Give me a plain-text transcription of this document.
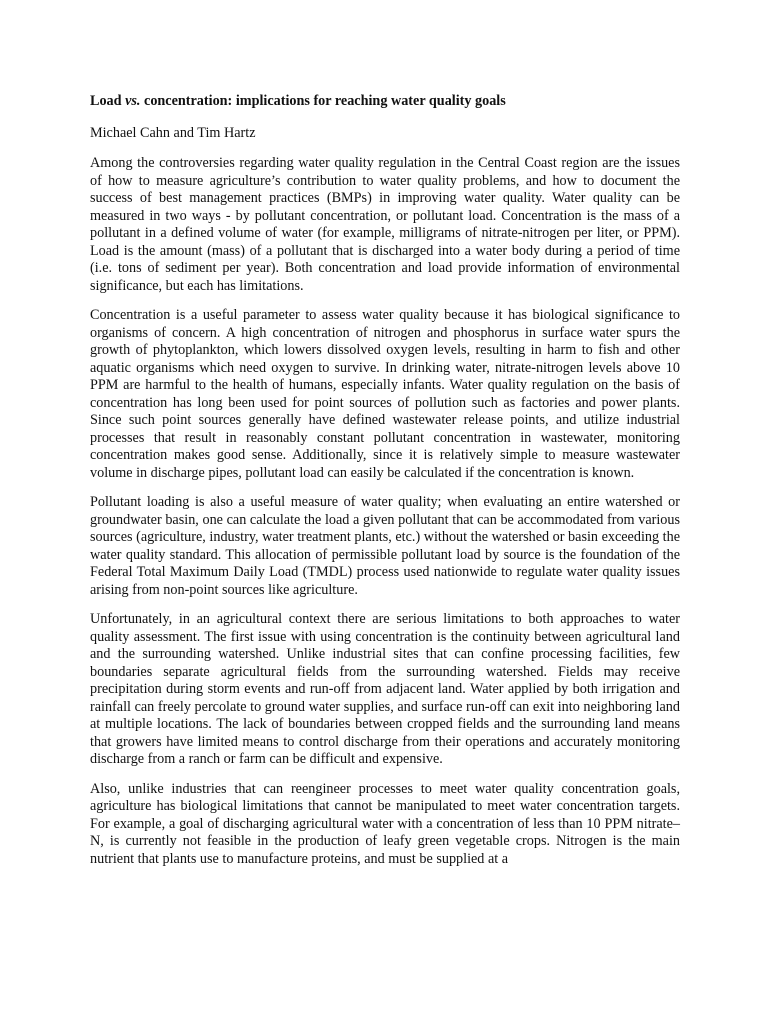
Load vs. concentration: implications for reaching water quality goals
Michael Cahn and Tim Hartz

Among the controversies regarding water quality regulation in the Central Coast region are the issues of how to measure agriculture’s contribution to water quality problems, and how to document the success of best management practices (BMPs) in improving water quality. Water quality can be measured in two ways - by pollutant concentration, or pollutant load. Concentration is the mass of a pollutant in a defined volume of water (for example, milligrams of nitrate-nitrogen per liter, or PPM). Load is the amount (mass) of a pollutant that is discharged into a water body during a period of time (i.e. tons of sediment per year). Both concentration and load provide information of environmental significance, but each has limitations.

Concentration is a useful parameter to assess water quality because it has biological significance to organisms of concern. A high concentration of nitrogen and phosphorus in surface water spurs the growth of phytoplankton, which lowers dissolved oxygen levels, resulting in harm to fish and other aquatic organisms which need oxygen to survive. In drinking water, nitrate-nitrogen levels above 10 PPM are harmful to the health of humans, especially infants. Water quality regulation on the basis of concentration has long been used for point sources of pollution such as factories and power plants. Since such point sources generally have defined wastewater release points, and utilize industrial processes that result in reasonably constant pollutant concentration in wastewater, monitoring concentration makes good sense. Additionally, since it is relatively simple to measure wastewater volume in discharge pipes, pollutant load can easily be calculated if the concentration is known.

Pollutant loading is also a useful measure of water quality; when evaluating an entire watershed or groundwater basin, one can calculate the load a given pollutant that can be accommodated from various sources (agriculture, industry, water treatment plants, etc.) without the watershed or basin exceeding the water quality standard. This allocation of permissible pollutant load by source is the foundation of the Federal Total Maximum Daily Load (TMDL) process used nationwide to regulate water quality issues arising from non-point sources like agriculture.

Unfortunately, in an agricultural context there are serious limitations to both approaches to water quality assessment. The first issue with using concentration is the continuity between agricultural land and the surrounding watershed. Unlike industrial sites that can confine processing facilities, few boundaries separate agricultural fields from the surrounding watershed. Fields may receive precipitation during storm events and run-off from adjacent land. Water applied by both irrigation and rainfall can freely percolate to ground water supplies, and surface run-off can exit into neighboring land at multiple locations. The lack of boundaries between cropped fields and the surrounding land means that growers have limited means to control discharge from their operations and accurately monitoring discharge from a ranch or farm can be difficult and expensive.

Also, unlike industries that can reengineer processes to meet water quality concentration goals, agriculture has biological limitations that cannot be manipulated to meet water concentration targets. For example, a goal of discharging agricultural water with a concentration of less than 10 PPM nitrate–N, is currently not feasible in the production of leafy green vegetable crops. Nitrogen is the main nutrient that plants use to manufacture proteins, and must be supplied at a
